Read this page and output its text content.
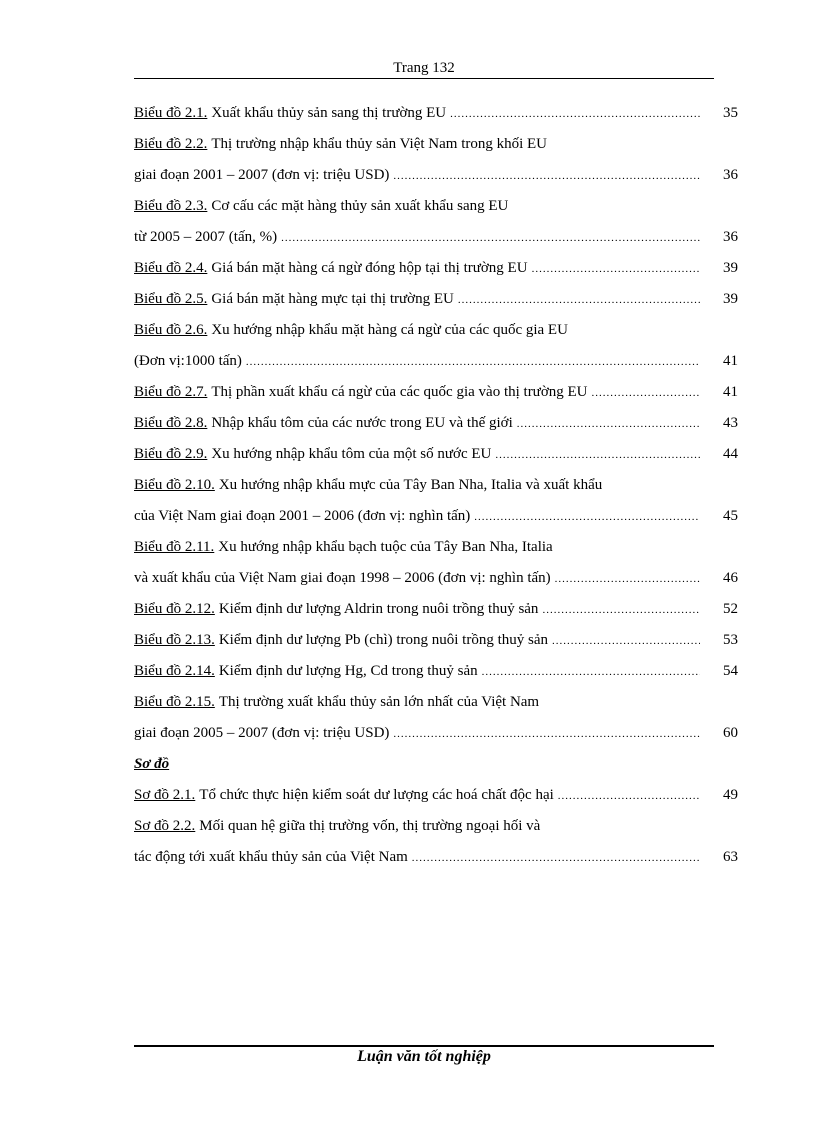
Trang 132
Biểu đồ 2.1. Xuất khẩu thủy sản sang thị trường EU .....	35
Biểu đồ 2.2. Thị trường nhập khẩu thủy sản Việt Nam trong khối EU
giai đoạn 2001 – 2007 (đơn vị: triệu USD) .....	36
Biểu đồ 2.3. Cơ cấu các mặt hàng thủy sản xuất khẩu sang EU
từ 2005 – 2007 (tấn, %) .....	36
Biểu đồ 2.4. Giá bán mặt hàng cá ngừ đóng hộp tại thị trường EU .....	39
Biểu đồ 2.5. Giá bán mặt hàng mực tại thị trường EU .....	39
Biểu đồ 2.6. Xu hướng nhập khẩu mặt hàng cá ngừ của các quốc gia EU
(Đơn vị:1000 tấn) .....	41
Biểu đồ 2.7. Thị phần xuất khẩu cá ngừ của các quốc gia vào thị trường EU .....	41
Biểu đồ 2.8. Nhập khẩu tôm của các nước trong EU và thế giới .....	43
Biểu đồ 2.9. Xu hướng nhập khẩu tôm của một số nước EU .....	44
Biểu đồ 2.10. Xu hướng nhập khẩu mực của Tây Ban Nha, Italia và xuất khẩu
của Việt Nam giai đoạn 2001 – 2006 (đơn vị: nghìn tấn) .....	45
Biểu đồ 2.11. Xu hướng nhập khẩu bạch tuộc của Tây Ban Nha, Italia
và xuất khẩu của Việt Nam giai đoạn 1998 – 2006 (đơn vị: nghìn tấn) .....	46
Biểu đồ 2.12. Kiểm định dư lượng Aldrin trong nuôi trồng thuỷ sản .....	52
Biểu đồ 2.13. Kiểm định dư lượng Pb (chì) trong nuôi trồng thuỷ sản .....	53
Biểu đồ 2.14. Kiểm định dư lượng Hg, Cd trong thuỷ sản .....	54
Biểu đồ 2.15. Thị trường xuất khẩu thủy sản lớn nhất của Việt Nam
giai đoạn 2005 – 2007 (đơn vị: triệu USD) .....	60
Sơ đồ
Sơ đồ 2.1. Tổ chức thực hiện kiểm soát dư lượng các hoá chất độc hại .....	49
Sơ đồ 2.2. Mối quan hệ giữa thị trường vốn, thị trường ngoại hối và
tác động tới xuất khẩu thủy sản của Việt Nam .....	63
Luận văn tốt nghiệp
